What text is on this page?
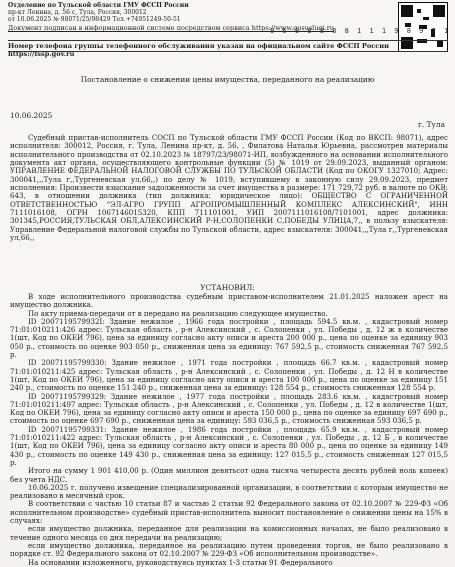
Отделение по Тульской области ГМУ ФССП России
пр-кт Ленина, д. 56 с, Тула, Россия, 300012
от 10.06.2025 № 98071/25/98429 Тел.+74951249-50-51
Документ подписан в информационной системе посредством сервиса https://www.gosuslugi.ru
9 6 9 8 8 8 8 1 1 1 9 8 9 7 1
Номер телефона группы телефонного обслуживания указан на официальном сайте ФССП России https://fssp.gov.ru
Постановление о снижении цены имущества, переданного на реализацию
10.06.2025
г. Тула

Судебный пристав-исполнитель СОСП по Тульской области ГМУ ФССП России (Код по ВКСП: 98071), адрес исполнителя: 300012, Россия, г. Тула, Ленина пр-кт, д. 56, , Филатова Наталья Юрьевна, рассмотрев материалы исполнительного производства от 02.10.2023 № 18797/23/98071-ИП, возбужденного на основании исполнительного документа акт органа, осуществляющего контрольные функции (5) № 1019 от 29.09.2023, выданный органом: УПРАВЛЕНИЕ ФЕДЕРАЛЬНОЙ НАЛОГОВОЙ СЛУЖБЫ ПО ТУЛЬСКОЙ ОБЛАСТИ (Код по ОКОГУ 1327010; Адрес: 300041,,,Тула г,,Тургеневская ул,66,,) по делу № 1019, вступившему в законную силу 29.09.2023, предмет исполнения: Произвести взыскание задолженности за счет имущества в размере: 171 729,72 руб. в валюте по ОКВ: 643, в отношении должника (тип должника: юридическое лицо): ОБЩЕСТВО С ОГРАНИЧЕННОЙ ОТВЕТСТВЕННОСТЬЮ "ЭЛ-АГРО ГРУПП АГРОПРОМЫШЛЕННЫЙ КОМПЛЕКС АЛЕКСИНСКИЙ", ИНН 7111016108, ОГРН 1067146015320, КПП 711101001, УИП 2007111016108/7101001, адрес должника: 301345,РОССИЯ,ТУЛЬСКАЯ ОБЛ,АЛЕКСИНСКИЙ Р-Н,СОЛОПЕНКИ С,ПОБЕДЫ УЛИЦА,7,, в пользу взыскателя: Управление Федеральной налоговой службы по Тульской области, адрес взыскателя: 300041,,,Тула г,,Тургеневская ул,66,,

УСТАНОВИЛ:

В ходе исполнительного производства судебным приставом-исполнителем 21.01.2025 наложен арест на имущество должника.

По акту приема-передачи от в передано на реализацию следующее имущество.

ID 2007119579932І: Здание нежилое , 1966 года постройки , площадь 594.5 кв.м. , кадастровый номер 71:01:010211:426 адрес: Тульская область , р-н Алексинский , с. Солопенки , ул. Победы , д. 12 ж в количестве 1(шт, Код по ОКЕИ 796), цена за единицу согласно акту описи и ареста 200 000 р., цена по оценке за единицу 903 050 р., стоимость по оценке 903 050 р., сниженная цена за единицу: 767 592,5 р., стоимость сниженная 767 592,5 р.

ID 20071195799330: Здание нежилое , 1971 года постройки , площадь 66.7 кв.м. , кадастровый номер 71:01:010211:425 адрес: Тульская область , р-н Алексинский , с. Солопенки , ул. Победы , д. 12 Н в количестве 1(шт, Код по ОКЕИ 796), цена за единицу согласно акту описи и ареста 100 000 р., цена по оценке за единицу 151 240 р., стоимость по оценке 151 240 р., сниженная цена за единицу: 128 554 р., стоимость сниженная 128 554 р.

ID 20071195799329: Здание нежилое , 1977 года постройки , площадь 283.6 кв.м. , кадастровый номер 71:01:010211:497 адрес: Тульская область , р-н Алексинский , с. Солопенки , ул. Победы , д. 12 в количестве 1(шт, Код по ОКЕИ 796), цена за единицу согласно акту описи и ареста 150 000 р., цена по оценке за единицу 697 690 р., стоимость по оценке 697 690 р., сниженная цена за единицу: 593 036,5 р., стоимость сниженная 593 036,5 р.

ID 20071195799331: Здание нежилое , 1986 года постройки , площадь 65.9 кв.м. , кадастровый номер 71:01:010211:422 адрес: Тульская область , р-н Алексинский , с. Солопенки , ул. Победы , д. 12 Б , в количестве 1(шт, Код по ОКЕИ 796), цена за единицу согласно акту описи и ареста 80 000 р., цена по оценке за единицу 149 430 р., стоимость по оценке 149 430 р., сниженная цена за единицу: 127 015,5 р., стоимость сниженная 127 015,5 р.

Итого на сумму 1 901 410,00 р. (Один миллион девятьсот одна тысяча четыреста десять рублей ноль копеек) без учета НДС.

10.06.2025 г. получено извещение специализированной организации, в соответствии с которым имущество не реализовано в месячный срок.

В соответствии с частью 10 статьи 87 и частью 2 статьи 92 Федерального закона от 02.10.2007 № 229-ФЗ «Об исполнительном производстве» судебный пристав-исполнитель выносит постановление о снижении цены на 15% в случаях:

если имущество должника, переданное для реализации на комиссионных началах, не было реализовано в течение одного месяца со дня передачи на реализацию;

если имущество должника, переданное на реализацию путем проведения торгов, не было реализовано в порядке ст. 92 Федерального закона от 02.10.2007 № 229-ФЗ «Об исполнительном производстве».

На основании изложенного, руководствуясь пунктах 1-3 статьи 91 Федерального
